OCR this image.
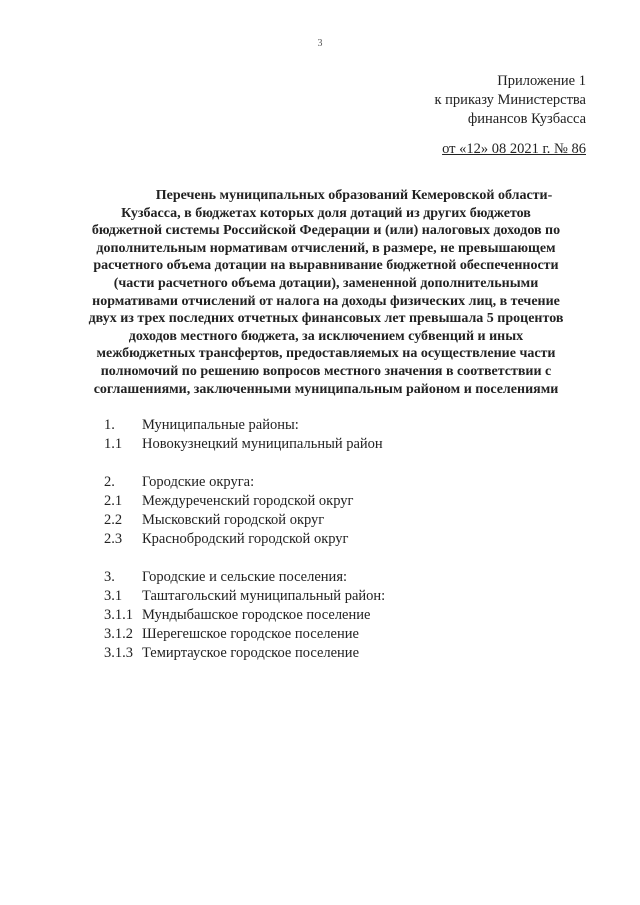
3
Приложение 1
к приказу Министерства
финансов Кузбасса
от «12» 08 2021 г. № 86
Перечень муниципальных образований Кемеровской области-
Кузбасса, в бюджетах которых доля дотаций из других бюджетов
бюджетной системы Российской Федерации и (или) налоговых доходов по
дополнительным нормативам отчислений, в размере, не превышающем
расчетного объема дотации на выравнивание бюджетной обеспеченности
(части расчетного объема дотации), замененной дополнительными
нормативами отчислений от налога на доходы физических лиц, в течение
двух из трех последних отчетных финансовых лет превышала 5 процентов
доходов местного бюджета, за исключением субвенций и иных
межбюджетных трансфертов, предоставляемых на осуществление части
полномочий по решению вопросов местного значения в соответствии с
соглашениями, заключенными муниципальным районом и поселениями
1.	Муниципальные районы:
1.1	Новокузнецкий муниципальный район
2.	Городские округа:
2.1	Междуреченский городской округ
2.2	Мысковский городской округ
2.3	Краснобродский городской округ
3.	Городские и сельские поселения:
3.1	Таштагольский муниципальный район:
3.1.1 Мундыбашское городское поселение
3.1.2 Шерегешское городское поселение
3.1.3 Темиртауское городское поселение
